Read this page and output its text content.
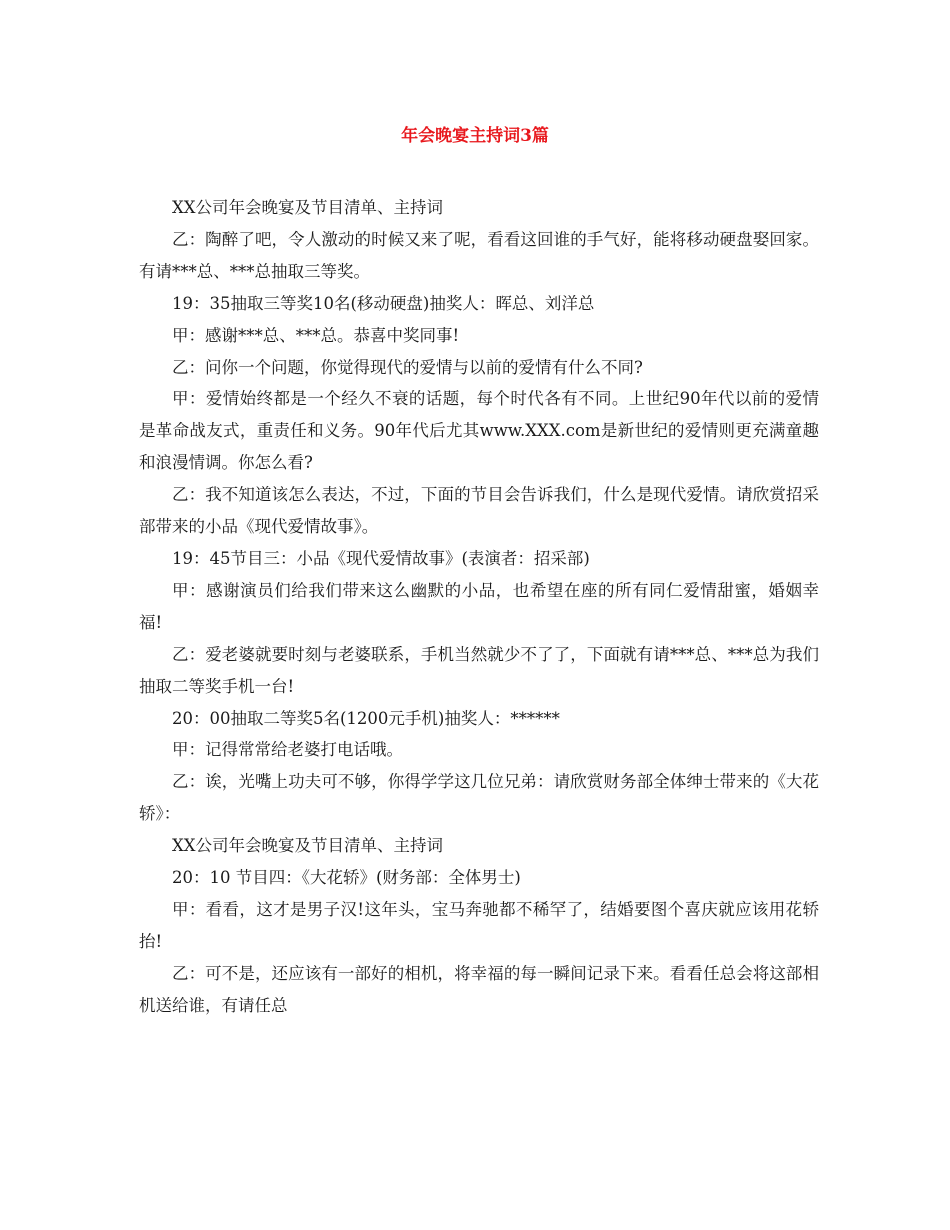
年会晚宴主持词3篇

XX公司年会晚宴及节目清单、主持词

乙：陶醉了吧，令人激动的时候又来了呢，看看这回谁的手气好，能将移动硬盘娶回家。有请***总、***总抽取三等奖。

19：35抽取三等奖10名(移动硬盘)抽奖人：晖总、刘洋总

甲：感谢***总、***总。恭喜中奖同事!

乙：问你一个问题，你觉得现代的爱情与以前的爱情有什么不同?

甲：爱情始终都是一个经久不衰的话题，每个时代各有不同。上世纪90年代以前的爱情是革命战友式，重责任和义务。90年代后尤其www.XXX.com是新世纪的爱情则更充满童趣和浪漫情调。你怎么看?

乙：我不知道该怎么表达，不过，下面的节目会告诉我们，什么是现代爱情。请欣赏招采部带来的小品《现代爱情故事》。

19：45节目三：小品《现代爱情故事》(表演者：招采部)

甲：感谢演员们给我们带来这么幽默的小品，也希望在座的所有同仁爱情甜蜜，婚姻幸福!

乙：爱老婆就要时刻与老婆联系，手机当然就少不了了，下面就有请***总、***总为我们抽取二等奖手机一台!

20：00抽取二等奖5名(1200元手机)抽奖人：******

甲：记得常常给老婆打电话哦。

乙：诶，光嘴上功夫可不够，你得学学这几位兄弟：请欣赏财务部全体绅士带来的《大花轿》：

XX公司年会晚宴及节目清单、主持词

20：10 节目四：《大花轿》(财务部：全体男士)

甲：看看，这才是男子汉!这年头，宝马奔驰都不稀罕了，结婚要图个喜庆就应该用花轿抬!

乙：可不是，还应该有一部好的相机，将幸福的每一瞬间记录下来。看看任总会将这部相机送给谁，有请任总
